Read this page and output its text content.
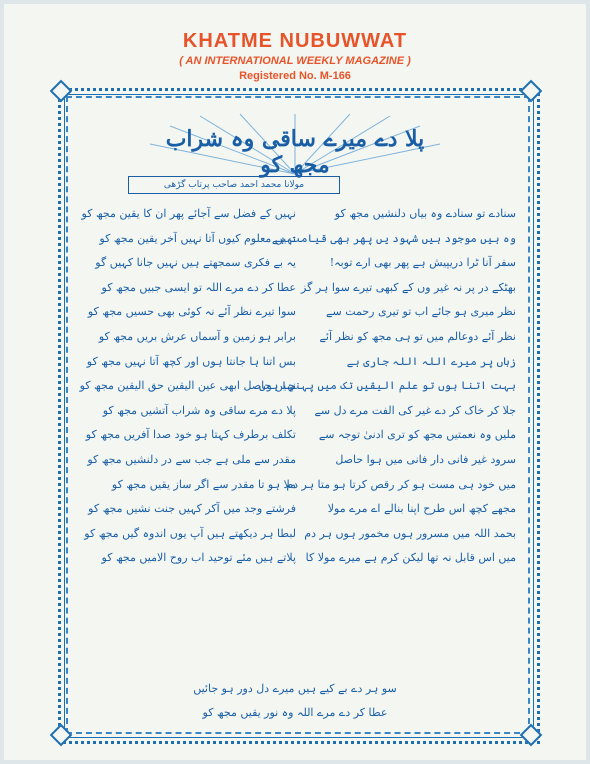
KHATME NUBUWWAT
( AN INTERNATIONAL WEEKLY MAGAZINE )
Registered No. M-166
پلا دے میرے ساقی وہ شراب مجھ کو
مولانا محمد احمد صاحب پرتاب گڑھی
سنادے تو سنادے وہ بیاں دلنشیں مجھ کو
وہ ہیں موجود ہیں شہود یں پھر بھی قیامت ہے
سفر آنا ٹرا دریپیش ہے پھر بھی ارے توبہ!
بھٹکے در پر نہ غیر وں کے کبھی تیرے سوا ہر گز
نظر میری ہو جائے اب تو تیری رحمت سے
نظر آئے دوعالم میں تو ہی مجھ کو نظر آئے
زباں پر میرے اللہ اللہ جاری ہے
بہت اتنا ہوں تو علم الیقیں تک میں پہنچا ہوں
جلا کر خاک کر دے غیر کی الفت مرے دل سے
ملیں وہ نعمتیں مجھ کو تری ادنیٰ توجہ سے
سرود غیر فانی دار فانی میں ہوا حاصل
میں خود ہی مست ہو کر رقص کرتا ہو متا ہر دم
مجھے کچھ اس طرح اپنا بنالے اے مرے مولا
بحمد اللہ میں مسرور ہوں مخمور ہوں ہر دم
میں اس قابل نہ تھا لیکن کرم ہے میرے مولا کا
نہیں کے فضل سے آجائے پھر ان کا یقین مجھ کو
نہیں معلوم کیوں آتا نہیں آخر یقین مجھ کو
یہ بے فکری سمجھتے ہیں نہیں جانا کہیں گو
عطا کر دے مرے اللہ تو ایسی جبیں مجھ کو
سوا تیرے نظر آئے نہ کوئی بھی حسیں مجھ کو
برابر ہو زمین و آسماں عرش بریں مجھ کو
بس اتنا ہا جانتا ہوں اور کچھ آتا نہیں مجھ کو
نہیں حاصل ابھی عین الیقین حق الیقین مجھ کو
پلا دے مرے ساقی وہ شراب آتشیں مجھ کو
تکلف برطرف کہتا ہو خود صدا آفریں مجھ کو
مقدر سے ملی ہے جب سے در دلنشیں مجھ کو
ملا ہو تا مقدر سے اگر ساز یقیں مجھ کو
فرشتے وجد میں آکر کہیں جنت نشیں مجھ کو
لبطا ہر دیکھتے ہیں آپ یوں اندوہ گیں مجھ کو
پلاتے ہیں مئے توحید اب روح الامیں مجھ کو
سو ہر دے بے کیے ہیں میرے دل دور ہو جائیں
عطا کر دے مرے اللہ وہ نور یقیں مجھ کو
